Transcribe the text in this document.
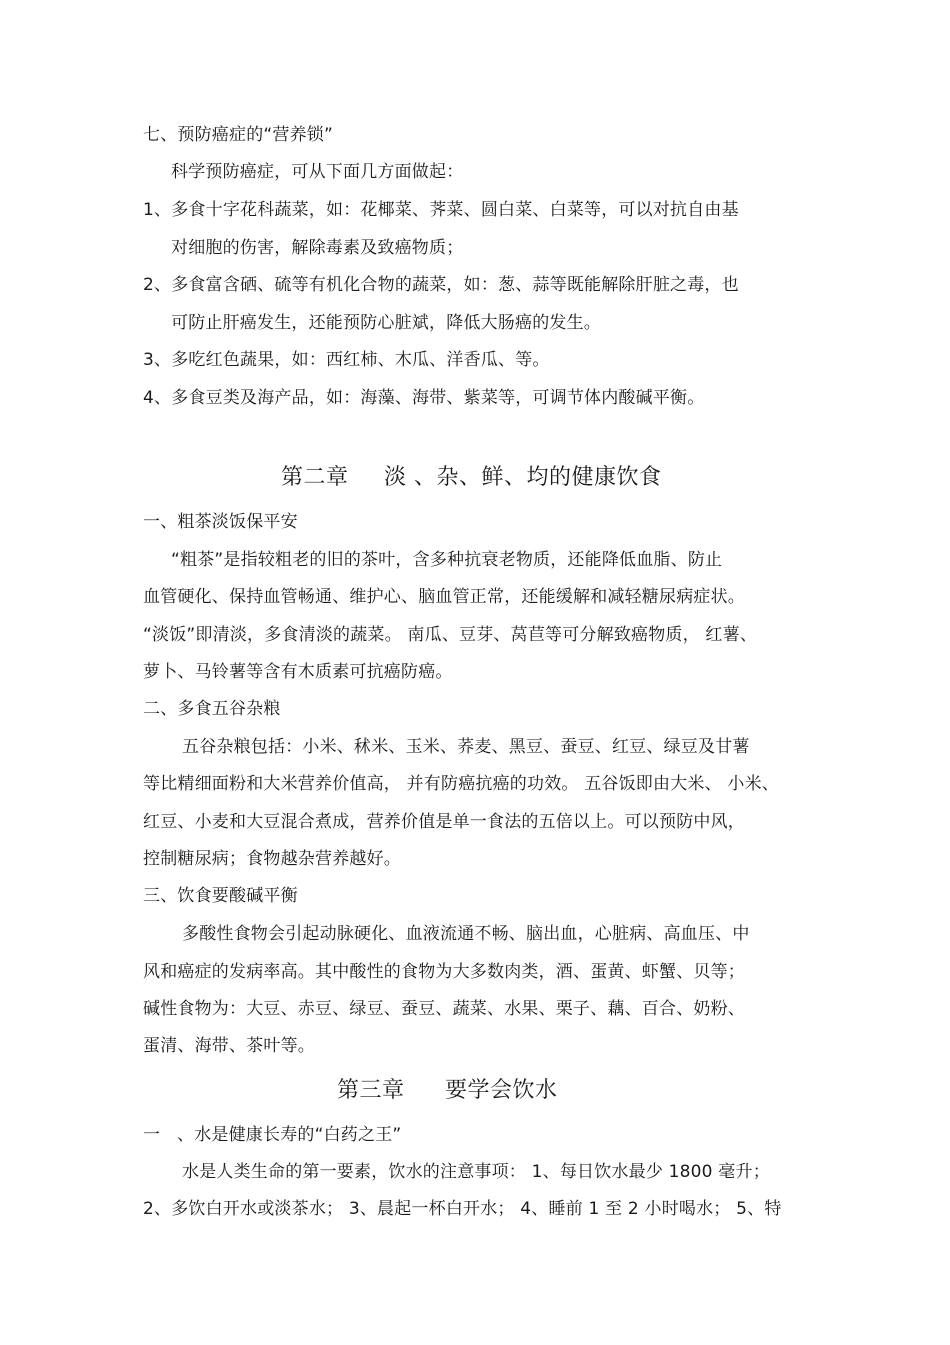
七、预防癌症的“营养锁”
科学预防癌症，可从下面几方面做起：
1、多食十字花科蔬菜，如：花椰菜、荠菜、圆白菜、白菜等，可以对抗自由基
对细胞的伤害，解除毒素及致癌物质；
2、多食富含硒、硫等有机化合物的蔬菜，如：葱、蒜等既能解除肝脏之毒，也
可防止肝癌发生，还能预防心脏斌，降低大肠癌的发生。
3、多吃红色蔬果，如：西红柿、木瓜、洋香瓜、等。
4、多食豆类及海产品，如：海藻、海带、紫菜等，可调节体内酸碱平衡。
第二章 淡 、杂、鲜、均的健康饮食
一、粗茶淡饭保平安
“粗茶”是指较粗老的旧的茶叶，含多种抗衰老物质，还能降低血脂、防止
血管硬化、保持血管畅通、维护心、脑血管正常，还能缓解和减轻糖尿病症状。
“淡饭”即清淡，多食清淡的蔬菜。 南瓜、豆芽、莴苣等可分解致癌物质， 红薯、
萝卜、马铃薯等含有木质素可抗癌防癌。
二、多食五谷杂粮
五谷杂粮包括：小米、秫米、玉米、荞麦、黑豆、蚕豆、红豆、绿豆及甘薯
等比精细面粉和大米营养价值高， 并有防癌抗癌的功效。 五谷饭即由大米、 小米、
红豆、小麦和大豆混合煮成，营养价值是单一食法的五倍以上。可以预防中风，
控制糖尿病；食物越杂营养越好。
三、饮食要酸碱平衡
多酸性食物会引起动脉硬化、血液流通不畅、脑出血，心脏病、高血压、中
风和癌症的发病率高。其中酸性的食物为大多数肉类，酒、蛋黄、虾蟹、贝等；
碱性食物为：大豆、赤豆、绿豆、蚕豆、蔬菜、水果、栗子、藕、百合、奶粉、
蛋清、海带、茶叶等。
第三章 要学会饮水
一 、水是健康长寿的“白药之王”
水是人类生命的第一要素，饮水的注意事项： 1、每日饮水最少 1800 毫升；
2、多饮白开水或淡茶水； 3、晨起一杯白开水； 4、睡前 1 至 2 小时喝水； 5、特
